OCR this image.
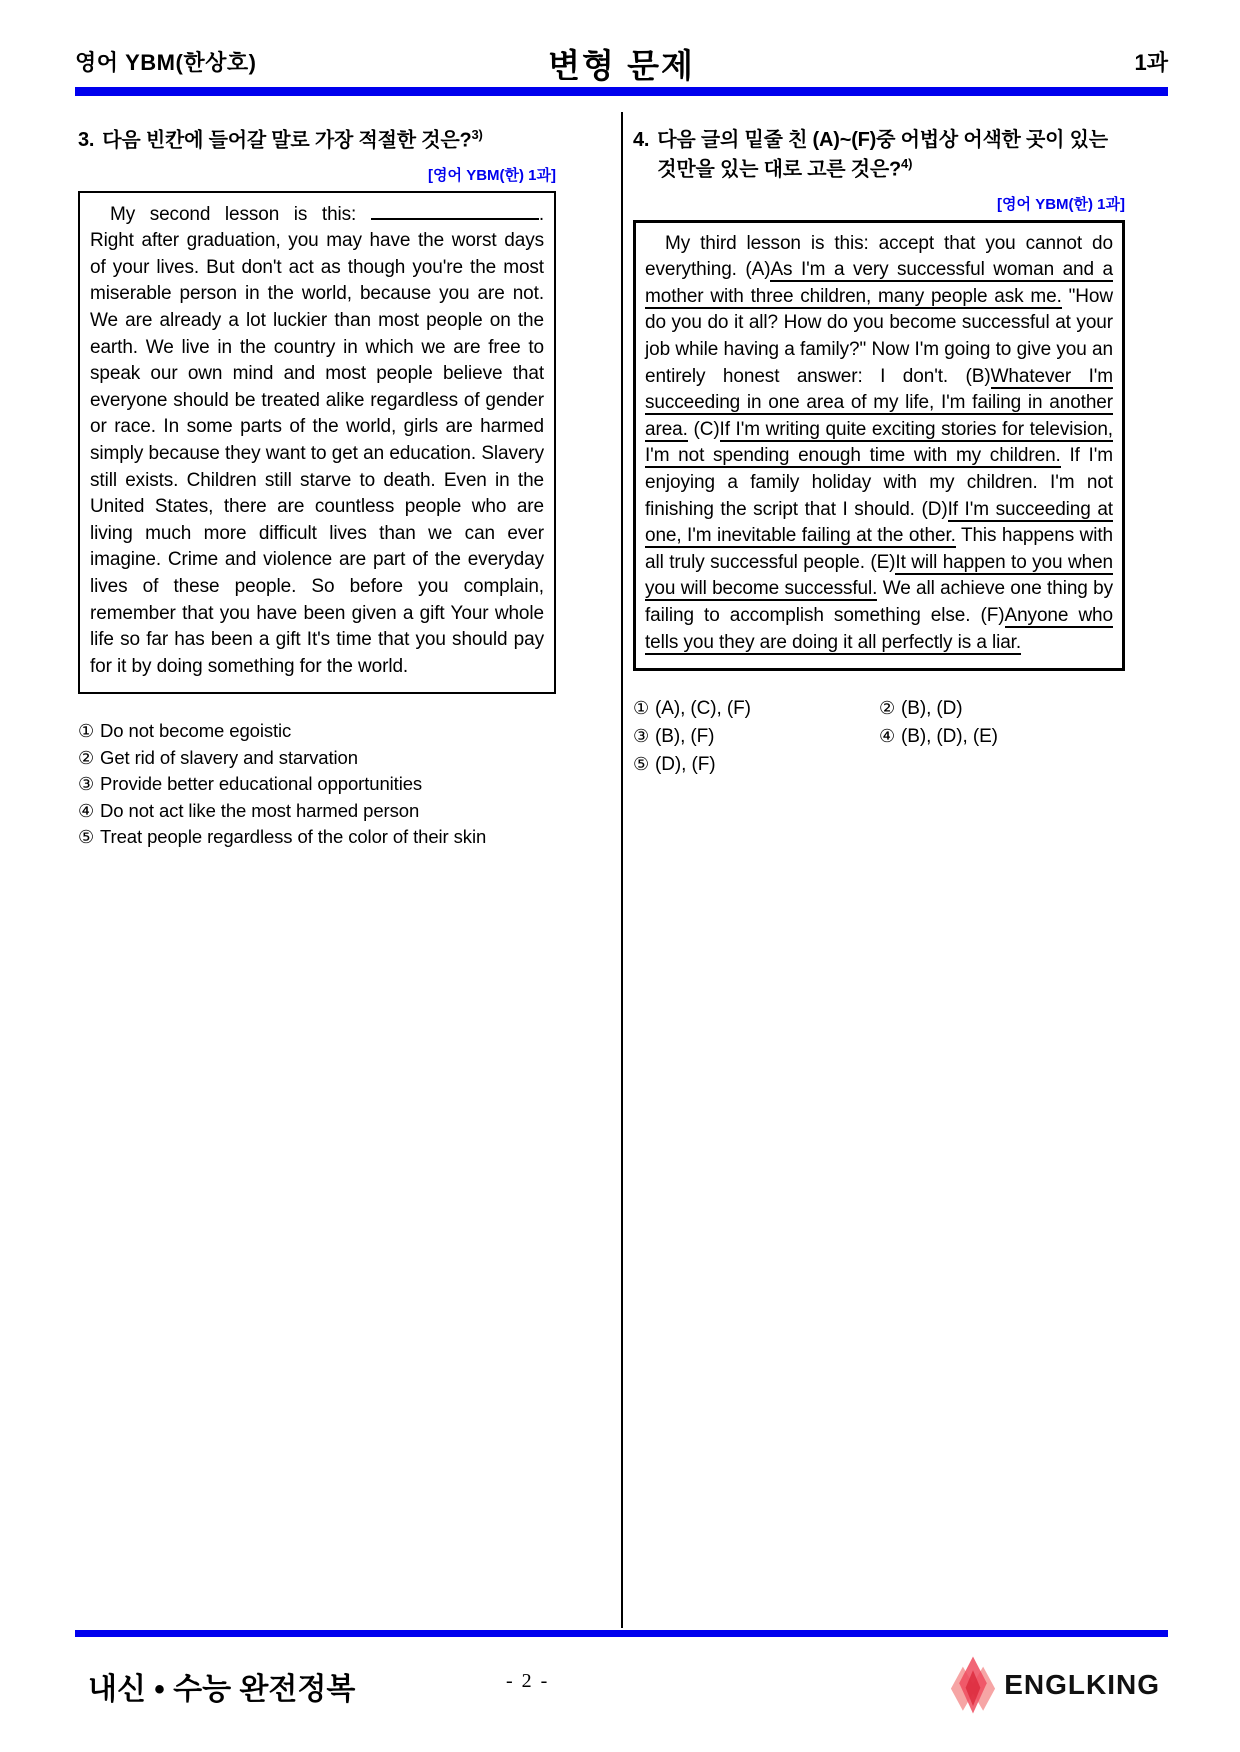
영어 YBM(한상호)	변형 문제	1과
3. 다음 빈칸에 들어갈 말로 가장 적절한 것은?$^{3)}$
[영어 YBM(한) 1과]
My second lesson is this:	. Right after graduation, you may have the worst days of your lives. But don't act as though you're the most miserable person in the world, because you are not. We are already a lot luckier than most people on the earth. We live in the country in which we are free to speak our own mind and most people believe that everyone should be treated alike regardless of gender or race. In some parts of the world, girls are harmed simply because they want to get an education. Slavery still exists. Children still starve to death. Even in the United States, there are countless people who are living much more difficult lives than we can ever imagine. Crime and violence are part of the everyday lives of these people. So before you complain, remember that you have been given a gift Your whole life so far has been a gift It's time that you should pay for it by doing something for the world.
① Do not become egoistic
② Get rid of slavery and starvation
③ Provide better educational opportunities
④ Do not act like the most harmed person
⑤ Treat people regardless of the color of their skin
4. 다음 글의 밑줄 친 (A)~(F)중 어법상 어색한 곳이 있는 것만을 있는 대로 고른 것은?$^{4)}$
[영어 YBM(한) 1과]
My third lesson is this: accept that you cannot do everything. (A)As I'm a very successful woman and a mother with three children, many people ask me. "How do you do it all? How do you become successful at your job while having a family?" Now I'm going to give you an entirely honest answer: I don't. (B)Whatever I'm succeeding in one area of my life, I'm failing in another area. (C)If I'm writing quite exciting stories for television, I'm not spending enough time with my children. If I'm enjoying a family holiday with my children. I'm not finishing the script that I should. (D)If I'm succeeding at one, I'm inevitable failing at the other. This happens with all truly successful people. (E)It will happen to you when you will become successful. We all achieve one thing by failing to accomplish something else. (F)Anyone who tells you they are doing it all perfectly is a liar.
① (A), (C), (F)	② (B), (D)
③ (B), (F)	④ (B), (D), (E)
⑤ (D), (F)
내신 • 수능 완전정복	- 2 -	ENGLKING
